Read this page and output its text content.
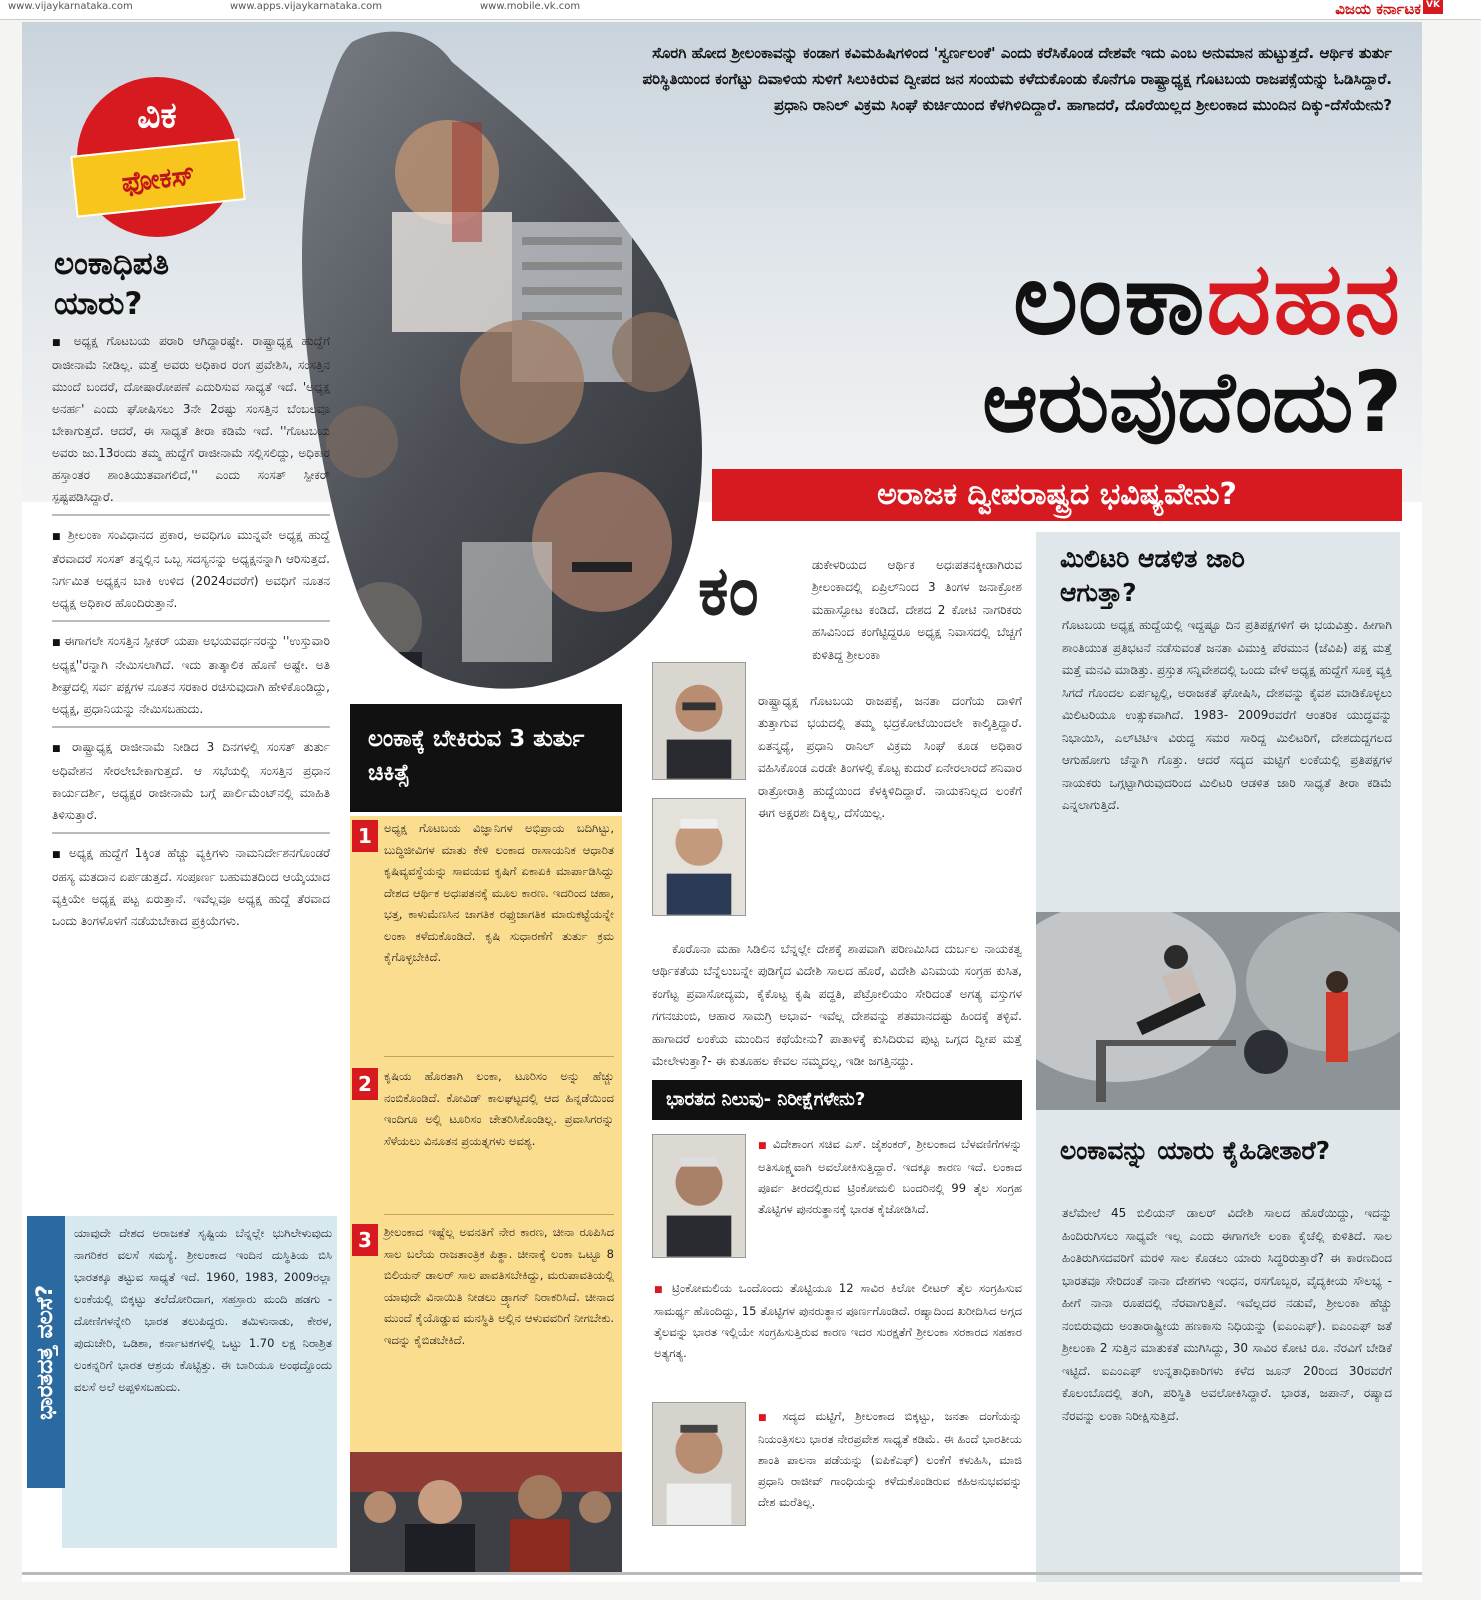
www.vijaykarnataka.com	www.apps.vijaykarnataka.com	www.mobile.vk.com	ವಿಜಯ ಕರ್ನಾಟಕ VK
ವಿಕ
ಫೋಕಸ್
ಸೊರಗಿ ಹೋದ ಶ್ರೀಲಂಕಾವನ್ನು ಕಂಡಾಗ ಕವಿಮಹಿಷಿಗಳಿಂದ 'ಸ್ವರ್ಣಲಂಕೆ' ಎಂದು ಕರೆಸಿಕೊಂಡ ದೇಶವೇ ಇದು ಎಂಬ ಅನುಮಾನ ಹುಟ್ಟುತ್ತದೆ. ಆರ್ಥಿಕ ತುರ್ತು ಪರಿಸ್ಥಿತಿಯಿಂದ ಕಂಗೆಟ್ಟು ದಿವಾಳಿಯ ಸುಳಿಗೆ ಸಿಲುಕಿರುವ ದ್ವೀಪದ ಜನ ಸಂಯಮ ಕಳೆದುಕೊಂಡು ಕೊನೆಗೂ ರಾಷ್ಟ್ರಾಧ್ಯಕ್ಷ ಗೊಟಬಯ ರಾಜಪಕ್ಸೆಯನ್ನು ಓಡಿಸಿದ್ದಾರೆ. ಪ್ರಧಾನಿ ರಾನಿಲ್ ವಿಕ್ರಮ ಸಿಂಘೆ ಕುರ್ಚಿಯಿಂದ ಕೆಳಗಿಳಿದಿದ್ದಾರೆ. ಹಾಗಾದರೆ, ದೊರೆಯಿಲ್ಲದ ಶ್ರೀಲಂಕಾದ ಮುಂದಿನ ದಿಕ್ಕು-ದೆಸೆಯೇನು?
ಲಂಕಾದಹನ
ಆರುವುದೆಂದು?
ಅರಾಜಕ ದ್ವೀಪರಾಷ್ಟ್ರದ ಭವಿಷ್ಯವೇನು?
ಲಂಕಾಧಿಪತಿ ಯಾರು?
■ ಅಧ್ಯಕ್ಷ ಗೊಟಬಯ ಪರಾರಿ ಆಗಿದ್ದಾರಷ್ಟೇ. ರಾಷ್ಟ್ರಾಧ್ಯಕ್ಷ ಹುದ್ದೆಗೆ ರಾಜೀನಾಮೆ ನೀಡಿಲ್ಲ. ಮತ್ತೆ ಅವರು ಅಧಿಕಾರ ರಂಗ ಪ್ರವೇಶಿಸಿ, ಸಂಸತ್ತಿನ ಮುಂದೆ ಬಂದರೆ, ದೋಷಾರೋಪಣೆ ಎದುರಿಸುವ ಸಾಧ್ಯತೆ ಇದೆ. 'ಅಧ್ಯಕ್ಷ ಅನರ್ಹ' ಎಂದು ಘೋಷಿಸಲು 3ನೇ 2ರಷ್ಟು ಸಂಸತ್ತಿನ ಬೆಂಬಲವೂ ಬೇಕಾಗುತ್ತದೆ. ಆದರೆ, ಈ ಸಾಧ್ಯತೆ ತೀರಾ ಕಡಿಮೆ ಇದೆ. ''ಗೊಟಬಯ ಅವರು ಜು.13ರಂದು ತಮ್ಮ ಹುದ್ದೆಗೆ ರಾಜೀನಾಮೆ ಸಲ್ಲಿಸಲಿದ್ದು, ಅಧಿಕಾರ ಹಸ್ತಾಂತರ ಶಾಂತಿಯುತವಾಗಲಿದೆ,'' ಎಂದು ಸಂಸತ್ ಸ್ಪೀಕರ್ ಸ್ಪಷ್ಟಪಡಿಸಿದ್ದಾರೆ.
■ ಶ್ರೀಲಂಕಾ ಸಂವಿಧಾನದ ಪ್ರಕಾರ, ಅವಧಿಗೂ ಮುನ್ನವೇ ಅಧ್ಯಕ್ಷ ಹುದ್ದೆ ತೆರವಾದರೆ ಸಂಸತ್ ತನ್ನಲ್ಲಿನ ಒಬ್ಬ ಸದಸ್ಯನನ್ನು ಅಧ್ಯಕ್ಷನನ್ನಾಗಿ ಆರಿಸುತ್ತದೆ. ನಿರ್ಗಮಿತ ಅಧ್ಯಕ್ಷನ ಬಾಕಿ ಉಳಿದ (2024ರವರೆಗೆ) ಅವಧಿಗೆ ನೂತನ ಅಧ್ಯಕ್ಷ ಅಧಿಕಾರ ಹೊಂದಿರುತ್ತಾನೆ.
■ ಈಗಾಗಲೇ ಸಂಸತ್ತಿನ ಸ್ಪೀಕರ್ ಯಪಾ ಅಭಯವರ್ಧನರನ್ನು ''ಉಸ್ತುವಾರಿ ಅಧ್ಯಕ್ಷ''ರನ್ನಾಗಿ ನೇಮಿಸಲಾಗಿದೆ. ಇದು ತಾತ್ಕಾಲಿಕ ಹೊಣೆ ಅಷ್ಟೇ. ಅತಿ ಶೀಘ್ರದಲ್ಲಿ ಸರ್ವ ಪಕ್ಷಗಳ ನೂತನ ಸರಕಾರ ರಚಿಸುವುದಾಗಿ ಹೇಳಿಕೊಂಡಿದ್ದು, ಅಧ್ಯಕ್ಷ, ಪ್ರಧಾನಿಯನ್ನು ನೇಮಿಸಬಹುದು.
■ ರಾಷ್ಟ್ರಾಧ್ಯಕ್ಷ ರಾಜೀನಾಮೆ ನೀಡಿದ 3 ದಿನಗಳಲ್ಲಿ ಸಂಸತ್ ತುರ್ತು ಅಧಿವೇಶನ ಸೇರಲೇಬೇಕಾಗುತ್ತದೆ. ಆ ಸಭೆಯಲ್ಲಿ ಸಂಸತ್ತಿನ ಪ್ರಧಾನ ಕಾರ್ಯದರ್ಶಿ, ಅಧ್ಯಕ್ಷರ ರಾಜೀನಾಮೆ ಬಗ್ಗೆ ಪಾರ್ಲಿಮೆಂಟ್‌ನಲ್ಲಿ ಮಾಹಿತಿ ತಿಳಿಸುತ್ತಾರೆ.
■ ಅಧ್ಯಕ್ಷ ಹುದ್ದೆಗೆ 1ಕ್ಕಿಂತ ಹೆಚ್ಚು ವ್ಯಕ್ತಿಗಳು ನಾಮನಿರ್ದೇಶನಗೊಂಡರೆ ರಹಸ್ಯ ಮತದಾನ ಏರ್ಪಡುತ್ತದೆ. ಸಂಪೂರ್ಣ ಬಹುಮತದಿಂದ ಆಯ್ಕೆಯಾದ ವ್ಯಕ್ತಿಯೇ ಅಧ್ಯಕ್ಷ ಪಟ್ಟ ಏರುತ್ತಾನೆ. ಇವೆಲ್ಲವೂ ಅಧ್ಯಕ್ಷ ಹುದ್ದೆ ತೆರವಾದ ಒಂದು ತಿಂಗಳೊಳಗೆ ನಡೆಯಬೇಕಾದ ಪ್ರಕ್ರಿಯೆಗಳು.
ಭಾರತದತ್ತ ವಲಸೆ?
ಯಾವುದೇ ದೇಶದ ಅರಾಜಕತೆ ಸೃಷ್ಟಿಯ ಬೆನ್ನಲ್ಲೇ ಭುಗಿಲೇಳುವುದು ನಾಗರಿಕರ ವಲಸೆ ಸಮಸ್ಯೆ. ಶ್ರೀಲಂಕಾದ ಇಂದಿನ ದುಸ್ಥಿತಿಯ ಬಿಸಿ ಭಾರತಕ್ಕೂ ತಟ್ಟುವ ಸಾಧ್ಯತೆ ಇದೆ. 1960, 1983, 2009ರಲ್ಲಾ ಲಂಕೆಯಲ್ಲಿ ಬಿಕ್ಕಟ್ಟು ತಲೆದೋರಿದಾಗ, ಸಹಸ್ರಾರು ಮಂದಿ ಹಡಗು - ದೋಣಿಗಳನ್ನೇರಿ ಭಾರತ ತಲುಪಿದ್ದರು. ತಮಿಳುನಾಡು, ಕೇರಳ, ಪುದುಚೇರಿ, ಒಡಿಶಾ, ಕರ್ನಾಟಕಗಳಲ್ಲಿ ಒಟ್ಟು 1.70 ಲಕ್ಷ ನಿರಾಶ್ರಿತ ಲಂಕನ್ನರಿಗೆ ಭಾರತ ಆಶ್ರಯ ಕೊಟ್ಟಿತ್ತು. ಈ ಬಾರಿಯೂ ಅಂಥದ್ದೊಂದು ವಲಸೆ ಅಲೆ ಅಪ್ಪಳಿಸಬಹುದು.
ಲಂಕಾಕ್ಕೆ ಬೇಕಿರುವ 3 ತುರ್ತು ಚಿಕಿತ್ಸೆ
1	ಅಧ್ಯಕ್ಷ ಗೊಟಬಯ ವಿಜ್ಞಾನಿಗಳ ಅಭಿಪ್ರಾಯ ಬದಿಗಿಟ್ಟು, ಬುದ್ಧಿಜೀವಿಗಳ ಮಾತು ಕೇಳಿ ಲಂಕಾದ ರಾಸಾಯನಿಕ ಆಧಾರಿತ ಕೃಷಿವ್ಯವಸ್ಥೆಯನ್ನು ಸಾವಯವ ಕೃಷಿಗೆ ಏಕಾಏಕಿ ಮಾರ್ಪಾಡಿಸಿದ್ದು ದೇಶದ ಆರ್ಥಿಕ ಅಧಃಪತನಕ್ಕೆ ಮೂಲ ಕಾರಣ. ಇದರಿಂದ ಚಹಾ, ಭತ್ತ, ಕಾಳುಮೆಣಸಿನ ಜಾಗತಿಕ ರಫ್ತುಜಾಗತಿಕ ಮಾರುಕಟ್ಟೆಯನ್ನೇ ಲಂಕಾ ಕಳೆದುಕೊಂಡಿದೆ. ಕೃಷಿ ಸುಧಾರಣೆಗೆ ತುರ್ತು ಕ್ರಮ ಕೈಗೊಳ್ಳಬೇಕಿದೆ.
2	ಕೃಷಿಯ ಹೊರತಾಗಿ ಲಂಕಾ, ಟೂರಿಸಂ ಅನ್ನು ಹೆಚ್ಚು ನಂಬಿಕೊಂಡಿದೆ. ಕೋವಿಡ್ ಕಾಲಘಟ್ಟದಲ್ಲಿ ಆದ ಹಿನ್ನಡೆಯಿಂದ ಇಂದಿಗೂ ಅಲ್ಲಿ ಟೂರಿಸಂ ಚೇತರಿಸಿಕೊಂಡಿಲ್ಲ. ಪ್ರವಾಸಿಗರನ್ನು ಸೆಳೆಯಲು ವಿನೂತನ ಪ್ರಯತ್ನಗಳು ಅವಶ್ಯ.
3	ಶ್ರೀಲಂಕಾದ ಇಷ್ಟೆಲ್ಲ ಅವನತಿಗೆ ನೇರ ಕಾರಣ, ಚೀನಾ ರೂಪಿಸಿದ ಸಾಲ ಬಲೆಯ ರಾಜತಾಂತ್ರಿಕ ಪಿತ್ಥಾ. ಚೀನಾಕ್ಕೆ ಲಂಕಾ ಒಟ್ಟೂ 8 ಬಿಲಿಯನ್ ಡಾಲರ್ ಸಾಲ ಪಾವತಿಸಬೇಕಿದ್ದು, ಮರುಪಾವತಿಯಲ್ಲಿ ಯಾವುದೇ ವಿನಾಯಿತಿ ನೀಡಲು ಡ್ರ್ಯಾಗನ್ ನಿರಾಕರಿಸಿದೆ. ಚೀನಾದ ಮುಂದೆ ಕೈಯೊಡ್ಡುವ ಮನಸ್ಥಿತಿ ಅಲ್ಲಿನ ಆಳುವವರಿಗೆ ನೀಗಬೇಕು. ಇದನ್ನು ಕೈಬಿಡಬೇಕಿದೆ.
ಕಂ	ಡುಕೇಳರಿಯದ ಆರ್ಥಿಕ ಅಧಃಪತನಕ್ಕೀಡಾಗಿರುವ ಶ್ರೀಲಂಕಾದಲ್ಲಿ ಏಪ್ರಿಲ್‌ನಿಂದ 3 ತಿಂಗಳ ಜನಾಕ್ರೋಶ ಮಹಾಸ್ಫೋಟ ಕಂಡಿದೆ. ದೇಶದ 2 ಕೋಟಿ ನಾಗರಿಕರು ಹಸಿವಿನಿಂದ ಕಂಗೆಟ್ಟಿದ್ದರೂ ಅಧ್ಯಕ್ಷ ನಿವಾಸದಲ್ಲಿ ಬೆಚ್ಚಗೆ ಕುಳಿತಿದ್ದ ಶ್ರೀಲಂಕಾ
ರಾಷ್ಟ್ರಾಧ್ಯಕ್ಷ ಗೊಟಬಯ ರಾಜಪಕ್ಸೆ, ಜನತಾ ದಂಗೆಯ ದಾಳಿಗೆ ತುತ್ತಾಗುವ ಭಯದಲ್ಲಿ ತಮ್ಮ ಭದ್ರಕೋಟೆಯಿಂದಲೇ ಕಾಲ್ಕಿತ್ತಿದ್ದಾರೆ. ಏತನ್ಮಧ್ಯೆ, ಪ್ರಧಾನಿ ರಾನಿಲ್ ವಿಕ್ರಮ ಸಿಂಘೆ ಕೂಡ ಅಧಿಕಾರ ವಹಿಸಿಕೊಂಡ ಎರಡೇ ತಿಂಗಳಲ್ಲಿ ಕೊಟ್ಟ ಕುದುರೆ ಏನೇರಲಾರದೆ ಶನಿವಾರ ರಾತ್ರೋರಾತ್ರಿ ಹುದ್ದೆಯಿಂದ ಕೆಳಕ್ಕಿಳಿದಿದ್ದಾರೆ. ನಾಯಕನಿಲ್ಲದ ಲಂಕೆಗೆ ಈಗ ಅಕ್ಷರಶಃ ದಿಕ್ಕಿಲ್ಲ, ದೆಸೆಯಿಲ್ಲ.
ಕೊರೊನಾ ಮಹಾ ಸಿಡಿಲಿನ ಬೆನ್ನಲ್ಲೇ ದೇಶಕ್ಕೆ ಶಾಪವಾಗಿ ಪರಿಣಮಿಸಿದ ದುರ್ಬಲ ನಾಯಕತ್ವ ಆರ್ಥಿಕತೆಯ ಬೆನ್ನೆಲುಬನ್ನೇ ಪುಡಿಗೈದ ವಿದೇಶಿ ಸಾಲದ ಹೊರೆ, ವಿದೇಶಿ ವಿನಿಮಯ ಸಂಗ್ರಹ ಕುಸಿತ, ಕಂಗೆಟ್ಟ ಪ್ರವಾಸೋದ್ಯಮ, ಕೈಕೊಟ್ಟ ಕೃಷಿ ಪದ್ಧತಿ, ಪೆಟ್ರೋಲಿಯಂ ಸೇರಿದಂತೆ ಅಗತ್ಯ ವಸ್ತುಗಳ ಗಗನಚುಂಬಿ, ಆಹಾರ ಸಾಮಗ್ರಿ ಅಭಾವ- ಇವೆಲ್ಲ ದೇಶವನ್ನು ಶತಮಾನದಷ್ಟು ಹಿಂದಕ್ಕೆ ತಳ್ಳಿವೆ. ಹಾಗಾದರೆ ಲಂಕೆಯ ಮುಂದಿನ ಕಥೆಯೇನು? ಪಾತಾಳಕ್ಕೆ ಕುಸಿದಿರುವ ಪುಟ್ಟ ಒಗ್ಗದ ದ್ವೀಪ ಮತ್ತೆ ಮೇಲೇಳುತ್ತಾ?- ಈ ಕುತೂಹಲ ಕೇವಲ ನಮ್ಮದಲ್ಲ, ಇಡೀ ಜಗತ್ತಿನದ್ದು.
ಭಾರತದ ನಿಲುವು- ನಿರೀಕ್ಷೆಗಳೇನು?
■ ವಿದೇಶಾಂಗ ಸಚಿವ ಎಸ್. ಜೈಶಂಕರ್, ಶ್ರೀಲಂಕಾದ ಬೆಳವಣಿಗೆಗಳನ್ನು ಅತಿಸೂಕ್ಷ್ಮವಾಗಿ ಅವಲೋಕಿಸುತ್ತಿದ್ದಾರೆ. ಇದಕ್ಕೂ ಕಾರಣ ಇದೆ. ಲಂಕಾದ ಪೂರ್ವ ತೀರದಲ್ಲಿರುವ ಟ್ರಿಂಕೋಮಲಿ ಬಂದರಿನಲ್ಲಿ 99 ತೈಲ ಸಂಗ್ರಹ ತೊಟ್ಟಿಗಳ ಪುನರುತ್ಥಾನಕ್ಕೆ ಭಾರತ ಕೈಜೋಡಿಸಿದೆ.
■ ಟ್ರಿಂಕೋಮಲಿಯ ಒಂದೊಂದು ತೊಟ್ಟಿಯೂ 12 ಸಾವಿರ ಕಿಲೋ ಲೀಟರ್ ತೈಲ ಸಂಗ್ರಹಿಸುವ ಸಾಮರ್ಥ್ಯ ಹೊಂದಿದ್ದು, 15 ತೊಟ್ಟಿಗಳ ಪುನರುತ್ಥಾನ ಪೂರ್ಣಗೊಂಡಿದೆ. ರಷ್ಯಾದಿಂದ ಖರೀದಿಸಿದ ಅಗ್ಗದ ತೈಲವನ್ನು ಭಾರತ ಇಲ್ಲಿಯೇ ಸಂಗ್ರಹಿಸುತ್ತಿರುವ ಕಾರಣ ಇದರ ಸುರಕ್ಷತೆಗೆ ಶ್ರೀಲಂಕಾ ಸರಕಾರದ ಸಹಕಾರ ಅತ್ಯಗತ್ಯ.
■ ಸದ್ಯದ ಮಟ್ಟಿಗೆ, ಶ್ರೀಲಂಕಾದ ಬಿಕ್ಕಟ್ಟು, ಜನತಾ ದಂಗೆಯನ್ನು ನಿಯಂತ್ರಿಸಲು ಭಾರತ ನೇರಪ್ರವೇಶ ಸಾಧ್ಯತೆ ಕಡಿಮೆ. ಈ ಹಿಂದೆ ಭಾರತೀಯ ಶಾಂತಿ ಪಾಲನಾ ಪಡೆಯನ್ನು (ಐಪಿಕೆಎಫ್) ಲಂಕೆಗೆ ಕಳುಹಿಸಿ, ಮಾಜಿ ಪ್ರಧಾನಿ ರಾಜೀವ್ ಗಾಂಧಿಯನ್ನು ಕಳೆದುಕೊಂಡಿರುವ ಕಹಿಅನುಭವವನ್ನು ದೇಶ ಮರೆತಿಲ್ಲ.
ಮಿಲಿಟರಿ ಆಡಳಿತ ಜಾರಿ ಆಗುತ್ತಾ?
ಗೊಟಬಯ ಅಧ್ಯಕ್ಷ ಹುದ್ದೆಯಲ್ಲಿ ಇದ್ದಷ್ಟೂ ದಿನ ಪ್ರತಿಪಕ್ಷಗಳಿಗೆ ಈ ಭಯವಿತ್ತು. ಹೀಗಾಗಿ ಶಾಂತಿಯುತ ಪ್ರತಿಭಟನೆ ನಡೆಸುವಂತೆ ಜನತಾ ವಿಮುಕ್ತಿ ಪೆರಮುನ (ಜೆವಿಪಿ) ಪಕ್ಷ ಮತ್ತೆ ಮತ್ತೆ ಮನವಿ ಮಾಡಿತ್ತು. ಪ್ರಸ್ತುತ ಸನ್ನಿವೇಶದಲ್ಲಿ ಒಂದು ವೇಳೆ ಅಧ್ಯಕ್ಷ ಹುದ್ದೆಗೆ ಸೂಕ್ತ ವ್ಯಕ್ತಿ ಸಿಗದೆ ಗೊಂದಲ ಏರ್ಪಟ್ಟಲ್ಲಿ, ಅರಾಜಕತೆ ಘೋಷಿಸಿ, ದೇಶವನ್ನು ಕೈವಶ ಮಾಡಿಕೊಳ್ಳಲು ಮಿಲಿಟರಿಯೂ ಉತ್ಸುಕವಾಗಿದೆ. 1983- 2009ರವರೆಗೆ ಆಂತರಿಕ ಯುದ್ಧವನ್ನು ನಿಭಾಯಿಸಿ, ಎಲ್‌ಟಿಟಿಇ ವಿರುದ್ಧ ಸಮರ ಸಾರಿದ್ದ ಮಿಲಿಟರಿಗೆ, ದೇಶದುದ್ದಗಲದ ಆಗುಹೋಗು ಚೆನ್ನಾಗಿ ಗೊತ್ತು. ಆದರೆ ಸದ್ಯದ ಮಟ್ಟಿಗೆ ಲಂಕೆಯಲ್ಲಿ ಪ್ರತಿಪಕ್ಷಗಳ ನಾಯಕರು ಒಗ್ಗಟ್ಟಾಗಿರುವುದರಿಂದ ಮಿಲಿಟರಿ ಆಡಳಿತ ಜಾರಿ ಸಾಧ್ಯತೆ ತೀರಾ ಕಡಿಮೆ ಎನ್ನಲಾಗುತ್ತಿದೆ.
ಲಂಕಾವನ್ನು ಯಾರು ಕೈಹಿಡೀತಾರೆ?
ತಲೆಮೇಲೆ 45 ಬಿಲಿಯನ್ ಡಾಲರ್ ವಿದೇಶಿ ಸಾಲದ ಹೊರೆಯಿದ್ದು, ಇದನ್ನು ಹಿಂದಿರುಗಿಸಲು ಸಾಧ್ಯವೇ ಇಲ್ಲ ಎಂದು ಈಗಾಗಲೇ ಲಂಕಾ ಕೈಚೆಲ್ಲಿ ಕುಳಿತಿದೆ. ಸಾಲ ಹಿಂತಿರುಗಿಸದವರಿಗೆ ಮರಳಿ ಸಾಲ ಕೊಡಲು ಯಾರು ಸಿದ್ಧರಿರುತ್ತಾರೆ? ಈ ಕಾರಣದಿಂದ ಭಾರತವೂ ಸೇರಿದಂತೆ ನಾನಾ ದೇಶಗಳು ಇಂಧನ, ರಸಗೊಬ್ಬರ, ವೈದ್ಯಕೀಯ ಸೌಲಭ್ಯ - ಹೀಗೆ ನಾನಾ ರೂಪದಲ್ಲಿ ನೆರವಾಗುತ್ತಿವೆ. ಇವೆಲ್ಲದರ ನಡುವೆ, ಶ್ರೀಲಂಕಾ ಹೆಚ್ಚು ನಂಬಿರುವುದು ಅಂತಾರಾಷ್ಟ್ರೀಯ ಹಣಕಾಸು ನಿಧಿಯನ್ನು (ಐಎಂಎಫ್). ಐಎಂಎಫ್ ಜತೆ ಶ್ರೀಲಂಕಾ 2 ಸುತ್ತಿನ ಮಾತುಕತೆ ಮುಗಿಸಿದ್ದು, 30 ಸಾವಿರ ಕೋಟಿ ರೂ. ನೆರವಿಗೆ ಬೇಡಿಕೆ ಇಟ್ಟಿದೆ. ಐಎಂಎಫ್ ಉನ್ನತಾಧಿಕಾರಿಗಳು ಕಳೆದ ಜೂನ್ 20ರಿಂದ 30ರವರೆಗೆ ಕೊಲಂಬೊದಲ್ಲಿ ತಂಗಿ, ಪರಿಸ್ಥಿತಿ ಅವಲೋಕಿಸಿದ್ದಾರೆ. ಭಾರತ, ಜಪಾನ್, ರಷ್ಯಾದ ನೆರವನ್ನು ಲಂಕಾ ನಿರೀಕ್ಷಿಸುತ್ತಿದೆ.
